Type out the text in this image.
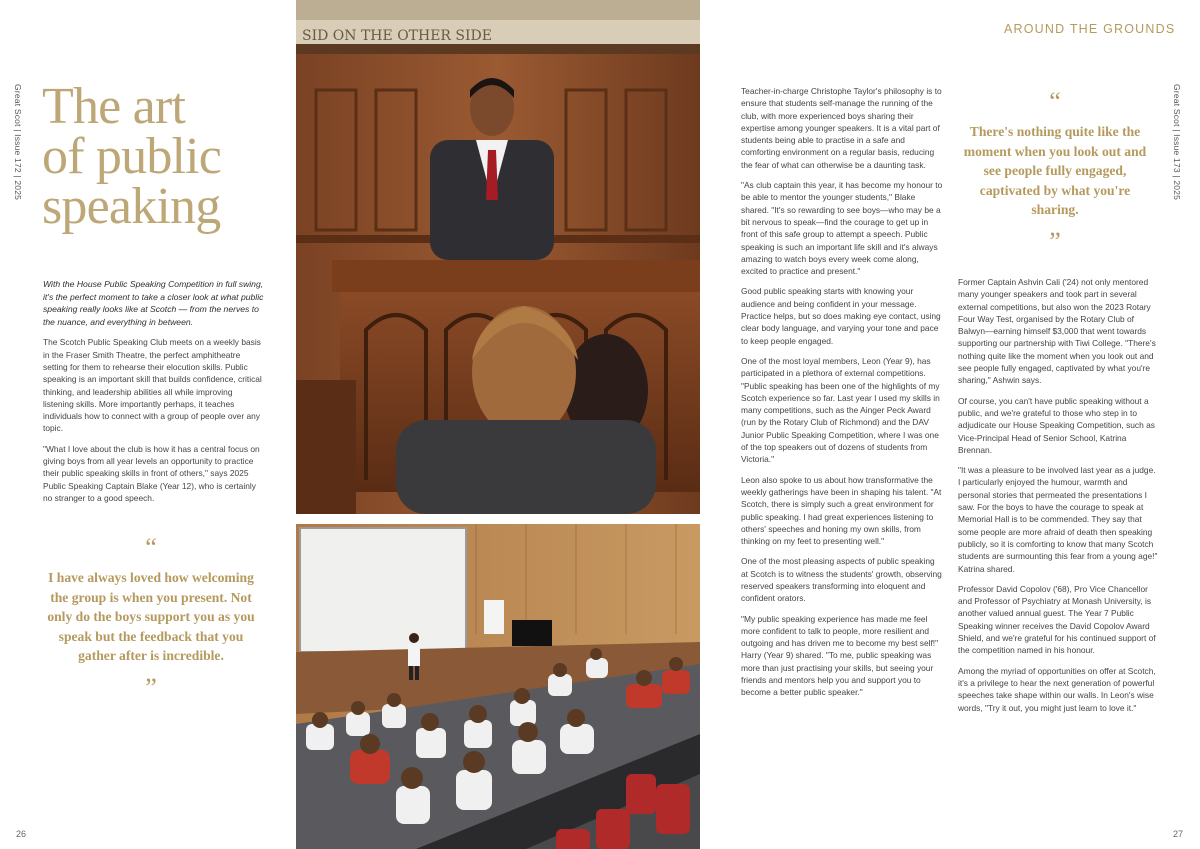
Great Scot | Issue 172 | 2025	Great Scot | Issue 173 | 2025
26	27
AROUND THE GROUNDS
The art
of public
speaking

With the House Public Speaking Competition in full swing, it's the perfect moment to take a closer look at what public speaking really looks like at Scotch — from the nerves to the nuance, and everything in between.

The Scotch Public Speaking Club meets on a weekly basis in the Fraser Smith Theatre, the perfect amphitheatre setting for them to rehearse their elocution skills. Public speaking is an important skill that builds confidence, critical thinking, and leadership abilities all while improving listening skills. More importantly perhaps, it teaches individuals how to connect with a group of people over any topic.

"What I love about the club is how it has a central focus on giving boys from all year levels an opportunity to practice their public speaking skills in front of others," says 2025 Public Speaking Captain Blake (Year 12), who is certainly no stranger to a good speech.

“
I have always loved how welcoming the group is when you present. Not only do the boys support you as you speak but the feedback that you gather after is incredible.
”
SID ON THE OTHER SIDE

Teacher-in-charge Christophe Taylor's philosophy is to ensure that students self-manage the running of the club, with more experienced boys sharing their expertise among younger speakers. It is a vital part of students being able to practise in a safe and comforting environment on a regular basis, reducing the fear of what can otherwise be a daunting task.

"As club captain this year, it has become my honour to be able to mentor the younger students," Blake shared. "It's so rewarding to see boys—who may be a bit nervous to speak—find the courage to get up in front of this safe group to attempt a speech. Public speaking is such an important life skill and it's always amazing to watch boys every week come along, excited to practice and present."

Good public speaking starts with knowing your audience and being confident in your message. Practice helps, but so does making eye contact, using clear body language, and varying your tone and pace to keep people engaged.

One of the most loyal members, Leon (Year 9), has participated in a plethora of external competitions. "Public speaking has been one of the highlights of my Scotch experience so far. Last year I used my skills in many competitions, such as the Ainger Peck Award (run by the Rotary Club of Richmond) and the DAV Junior Public Speaking Competition, where I was one of the top speakers out of dozens of students from Victoria."

Leon also spoke to us about how transformative the weekly gatherings have been in shaping his talent. "At Scotch, there is simply such a great environment for public speaking. I had great experiences listening to others' speeches and honing my own skills, from thinking on my feet to presenting well."

One of the most pleasing aspects of public speaking at Scotch is to witness the students' growth, observing reserved speakers transforming into eloquent and confident orators.

"My public speaking experience has made me feel more confident to talk to people, more resilient and outgoing and has driven me to become my best self!" Harry (Year 9) shared. "To me, public speaking was more than just practising your skills, but seeing your friends and mentors help you and support you to become a better public speaker."

“
There's nothing quite like the moment when you look out and see people fully engaged, captivated by what you're sharing.
”

Former Captain Ashvin Cali ('24) not only mentored many younger speakers and took part in several external competitions, but also won the 2023 Rotary Four Way Test, organised by the Rotary Club of Balwyn—earning himself $3,000 that went towards supporting our partnership with Tiwi College. "There's nothing quite like the moment when you look out and see people fully engaged, captivated by what you're sharing," Ashwin says.

Of course, you can't have public speaking without a public, and we're grateful to those who step in to adjudicate our House Speaking Competition, such as Vice-Principal Head of Senior School, Katrina Brennan.

"It was a pleasure to be involved last year as a judge. I particularly enjoyed the humour, warmth and personal stories that permeated the presentations I saw. For the boys to have the courage to speak at Memorial Hall is to be commended. They say that some people are more afraid of death then speaking publicly, so it is comforting to know that many Scotch students are surmounting this fear from a young age!" Katrina shared.

Professor David Copolov ('68), Pro Vice Chancellor and Professor of Psychiatry at Monash University, is another valued annual guest. The Year 7 Public Speaking winner receives the David Copolov Award Shield, and we're grateful for his continued support of the competition named in his honour.

Among the myriad of opportunities on offer at Scotch, it's a privilege to hear the next generation of powerful speeches take shape within our walls. In Leon's wise words, "Try it out, you might just learn to love it."
